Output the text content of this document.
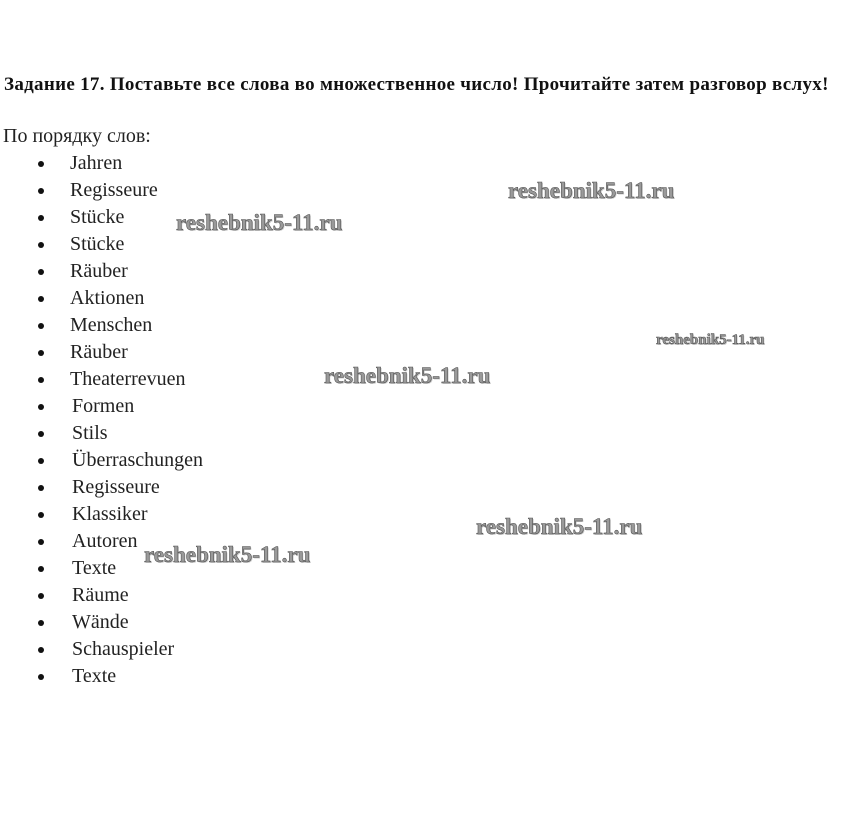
Задание 17. Поставьте все слова во множественное число! Прочитайте затем разговор вслух!

По порядку слов:

Jahren
Regisseure
Stücke
Stücke
Räuber
Aktionen
Menschen
Räuber
Theaterrevuen
Formen
Stils
Überraschungen
Regisseure
Klassiker
Autoren
Texte
Räume
Wände
Schauspieler
Texte
reshebnik5-11.ru
reshebnik5-11.ru
reshebnik5-11.ru
reshebnik5-11.ru
reshebnik5-11.ru
reshebnik5-11.ru
